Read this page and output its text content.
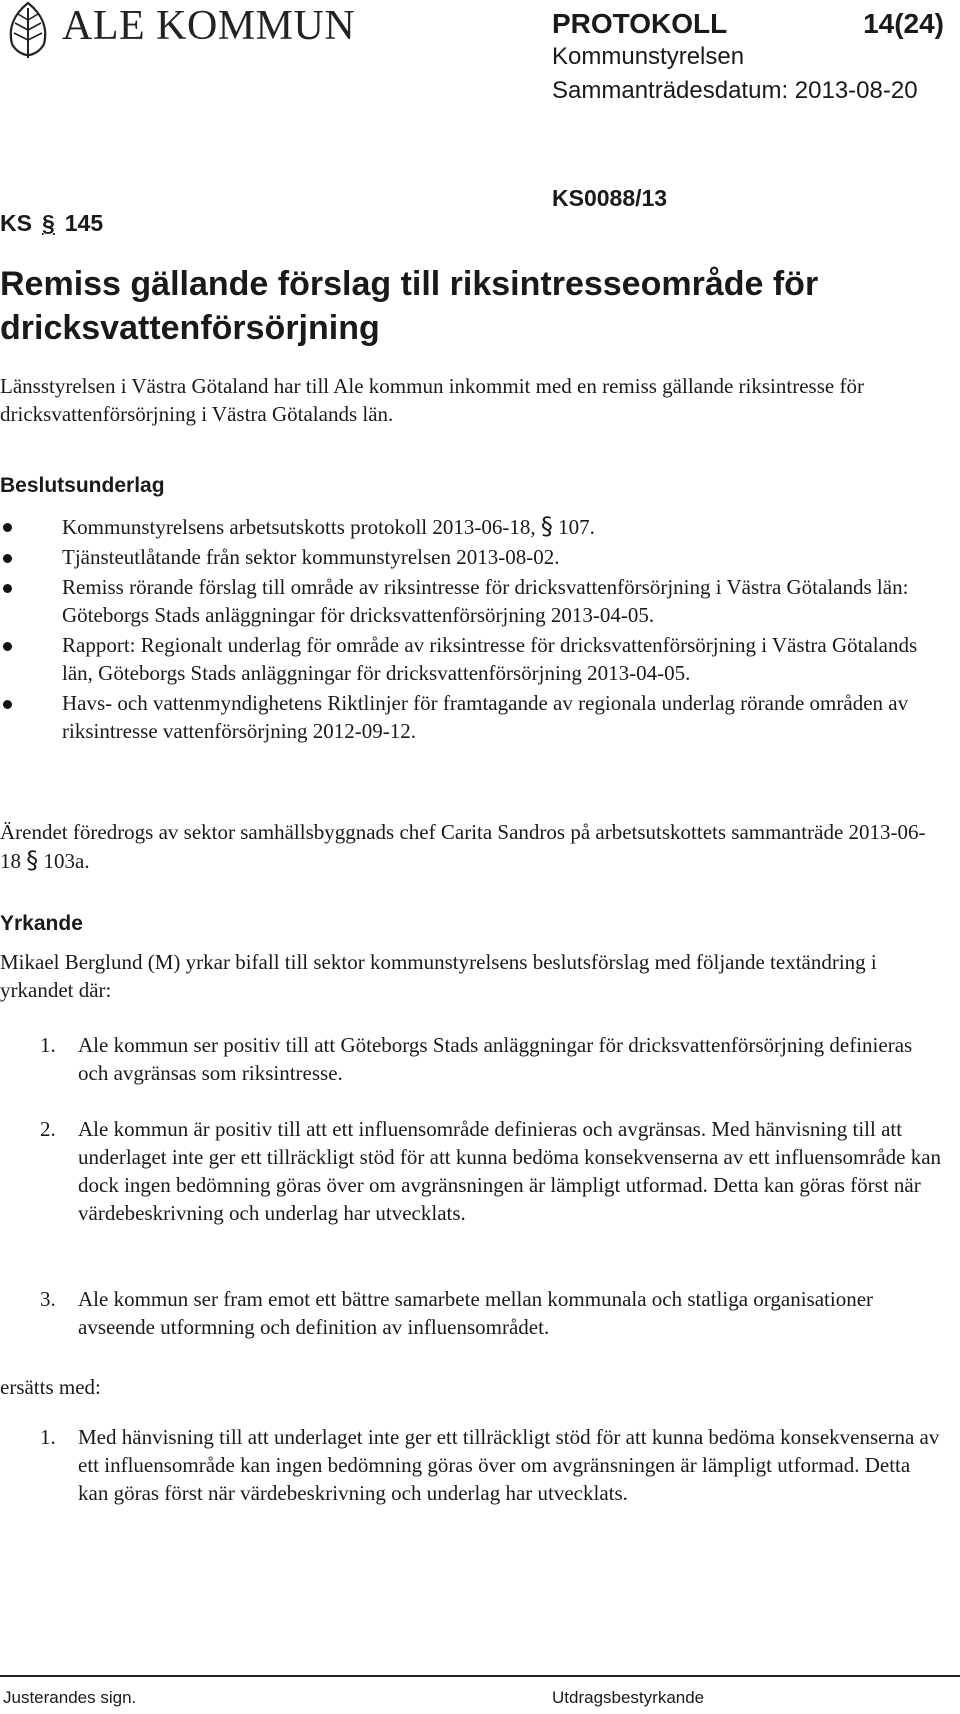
ALE KOMMUN	PROTOKOLL	14(24)
Kommunstyrelsen
Sammanträdesdatum: 2013-08-20
KS0088/13
KS § 145
Remiss gällande förslag till riksintresseområde för dricksvattenförsörjning
Länsstyrelsen i Västra Götaland har till Ale kommun inkommit med en remiss gällande riksintresse för dricksvattenförsörjning i Västra Götalands län.
Beslutsunderlag
Kommunstyrelsens arbetsutskotts protokoll 2013-06-18, § 107.
Tjänsteutlåtande från sektor kommunstyrelsen 2013-08-02.
Remiss rörande förslag till område av riksintresse för dricksvattenförsörjning i Västra Götalands län: Göteborgs Stads anläggningar för dricksvattenförsörjning 2013-04-05.
Rapport: Regionalt underlag för område av riksintresse för dricksvattenförsörjning i Västra Götalands län, Göteborgs Stads anläggningar för dricksvattenförsörjning 2013-04-05.
Havs- och vattenmyndighetens Riktlinjer för framtagande av regionala underlag rörande områden av riksintresse vattenförsörjning 2012-09-12.
Ärendet föredrogs av sektor samhällsbyggnads chef Carita Sandros på arbetsutskottets sammanträde 2013-06-18 § 103a.
Yrkande
Mikael Berglund (M) yrkar bifall till sektor kommunstyrelsens beslutsförslag med följande textändring i yrkandet där:
1. Ale kommun ser positiv till att Göteborgs Stads anläggningar för dricksvattenförsörjning definieras och avgränsas som riksintresse.
2. Ale kommun är positiv till att ett influensområde definieras och avgränsas. Med hänvisning till att underlaget inte ger ett tillräckligt stöd för att kunna bedöma konsekvenserna av ett influensområde kan dock ingen bedömning göras över om avgränsningen är lämpligt utformad. Detta kan göras först när värdebeskrivning och underlag har utvecklats.
3. Ale kommun ser fram emot ett bättre samarbete mellan kommunala och statliga organisationer avseende utformning och definition av influensområdet.
ersätts med:
1. Med hänvisning till att underlaget inte ger ett tillräckligt stöd för att kunna bedöma konsekvenserna av ett influensområde kan ingen bedömning göras över om avgränsningen är lämpligt utformad. Detta kan göras först när värdebeskrivning och underlag har utvecklats.
Justerandes sign.	Utdragsbestyrkande
